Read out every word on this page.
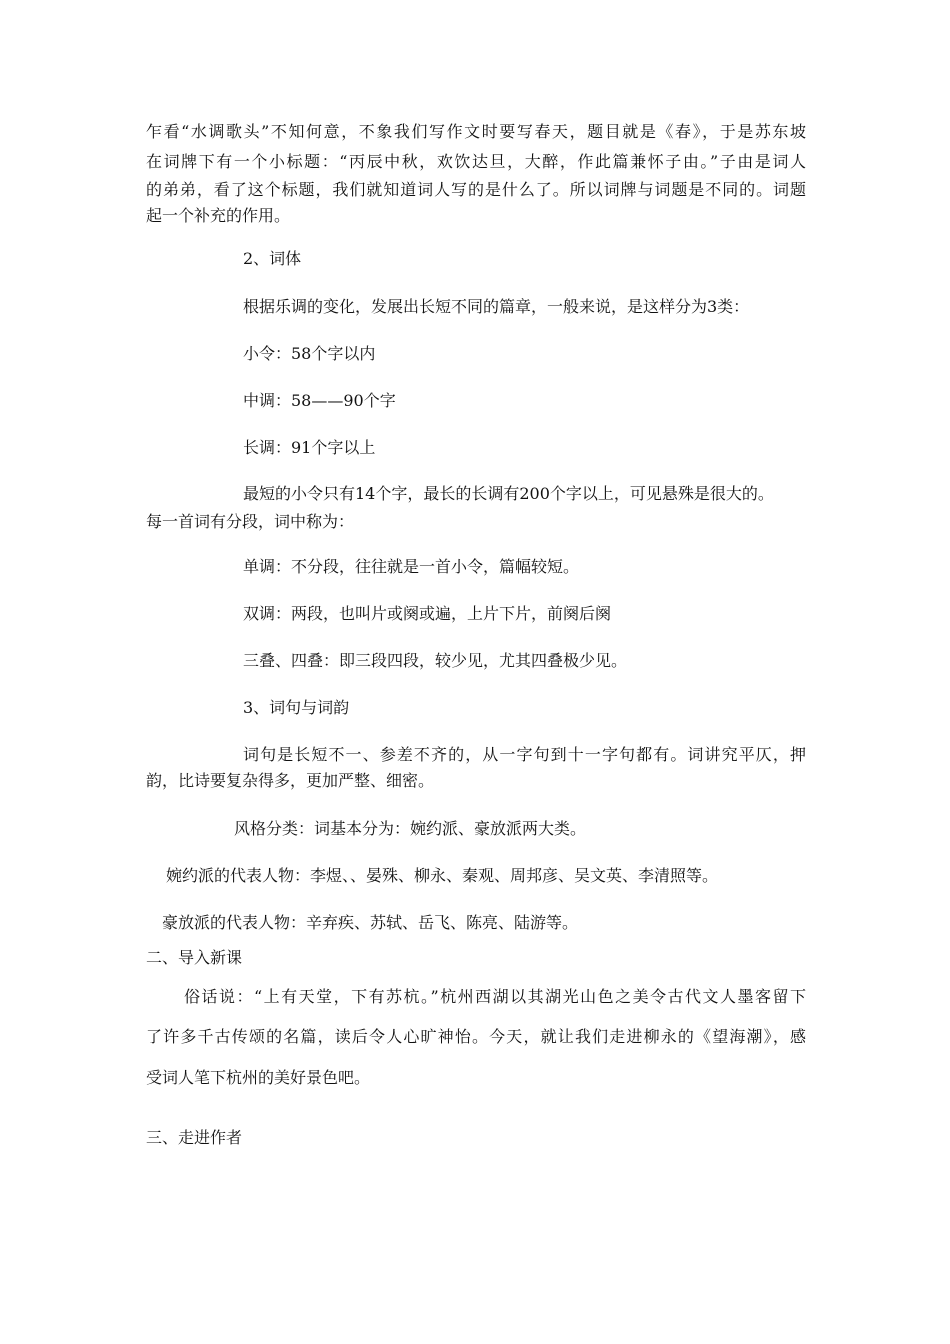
乍看“水调歌头”不知何意，不象我们写作文时要写春天，题目就是《春》，于是苏东坡
在词牌下有一个小标题：“丙辰中秋，欢饮达旦，大醉，作此篇兼怀子由。”子由是词人
的弟弟，看了这个标题，我们就知道词人写的是什么了。所以词牌与词题是不同的。词题
起一个补充的作用。
2、词体
根据乐调的变化，发展出长短不同的篇章，一般来说，是这样分为3类：
小令：58个字以内
中调：58——90个字
长调：91个字以上
最短的小令只有14个字，最长的长调有200个字以上，可见悬殊是很大的。
每一首词有分段，词中称为：
单调：不分段，往往就是一首小令，篇幅较短。
双调：两段，也叫片或阕或遍，上片下片，前阕后阕
三叠、四叠：即三段四段，较少见，尤其四叠极少见。
3、词句与词韵
词句是长短不一、参差不齐的，从一字句到十一字句都有。词讲究平仄，押
韵，比诗要复杂得多，更加严整、细密。
风格分类：词基本分为：婉约派、豪放派两大类。
婉约派的代表人物：李煜、、晏殊、柳永、秦观、周邦彦、吴文英、李清照等。
豪放派的代表人物：辛弃疾、苏轼、岳飞、陈亮、陆游等。
二、导入新课
俗话说：“上有天堂，下有苏杭。”杭州西湖以其湖光山色之美令古代文人墨客留下
了许多千古传颂的名篇，读后令人心旷神怡。今天，就让我们走进柳永的《望海潮》，感
受词人笔下杭州的美好景色吧。
三、走进作者
